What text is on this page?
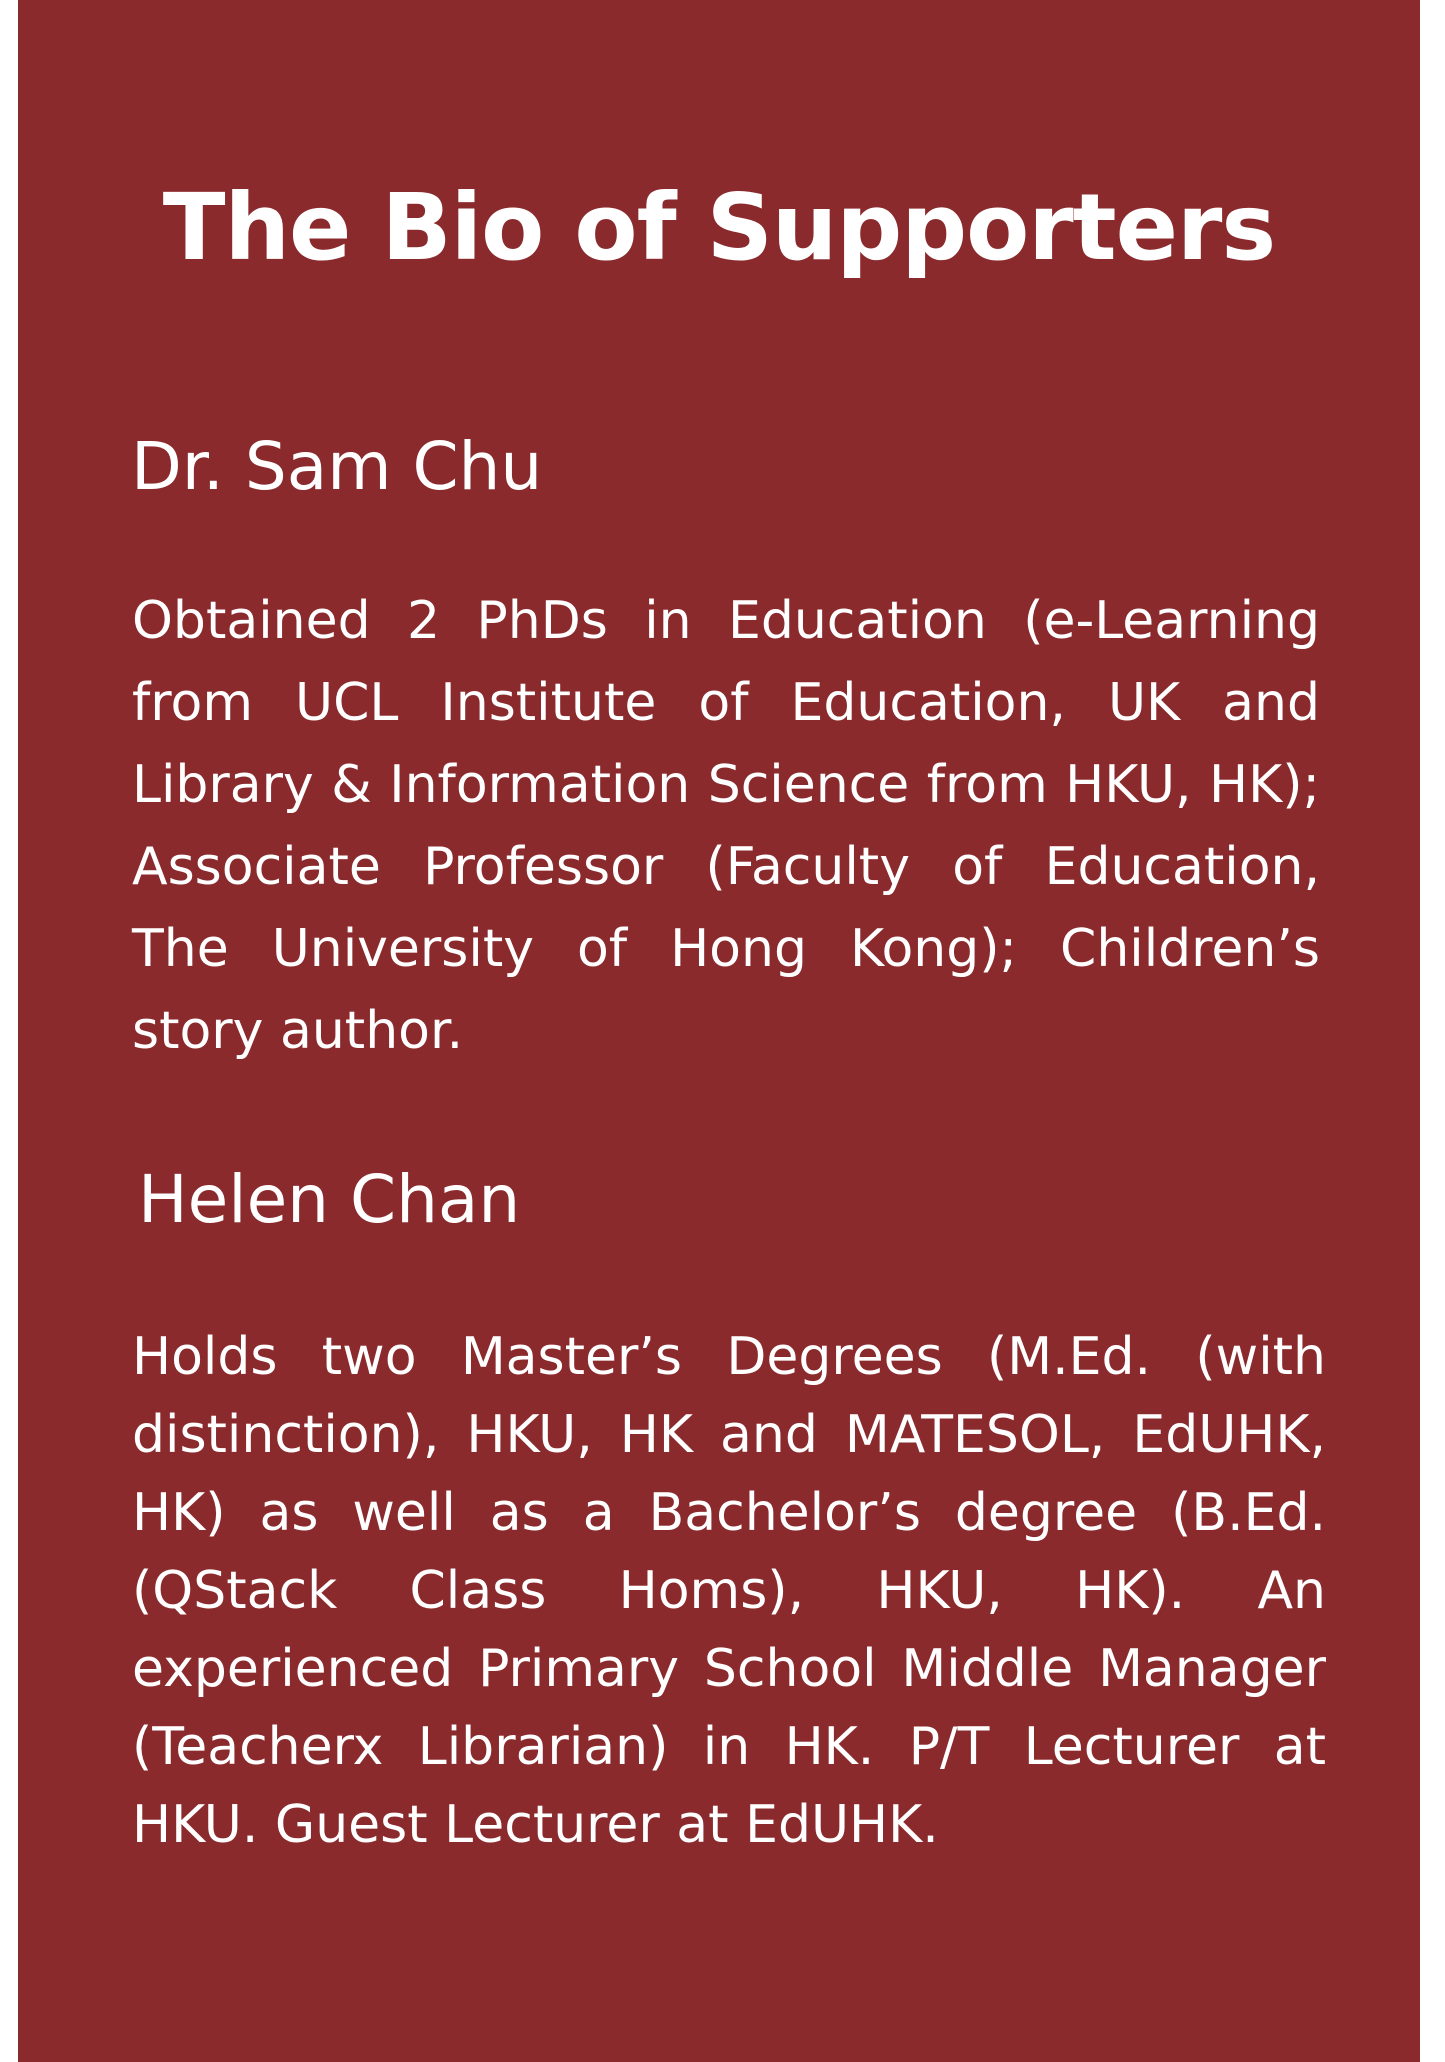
The Bio of Supporters
Dr. Sam Chu

Obtained 2 PhDs in Education (e-Learning from UCL Institute of Education, UK and Library & Information Science from HKU, HK); Associate Professor (Faculty of Education, The University of Hong Kong); Children’s story author.

Helen Chan

Holds two Master’s Degrees (M.Ed. (with distinction), HKU, HK and MATESOL, EdUHK, HK) as well as a Bachelor’s degree (B.Ed. (QStack Class Homs), HKU, HK). An experienced Primary School Middle Manager (Teacherx Librarian) in HK. P/T Lecturer at HKU. Guest Lecturer at EdUHK.
